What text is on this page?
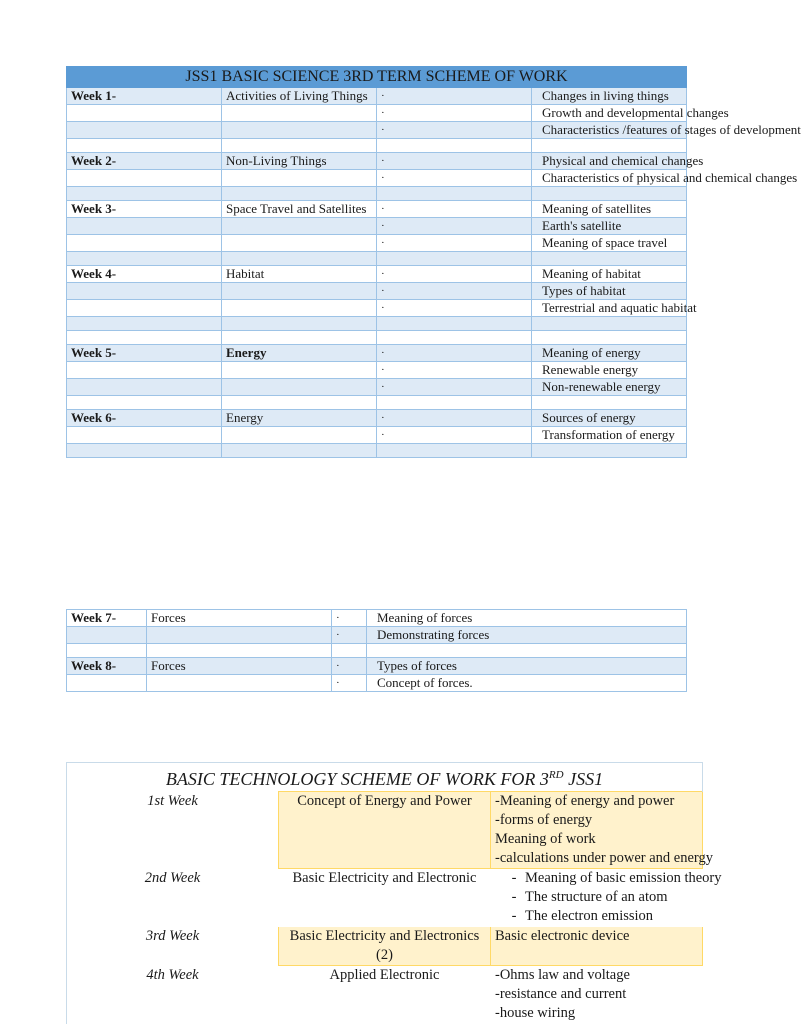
JSS1 BASIC SCIENCE 3RD TERM SCHEME OF WORK			
Week 1-	Activities of Living Things	·	Changes in living things
		·	Growth and developmental changes
		·	Characteristics /features of stages of development

Week 2-	Non-Living Things	·	Physical and chemical changes
		·	Characteristics of physical and chemical changes

Week 3-	Space Travel and Satellites	·	Meaning of satellites
		·	Earth's satellite
		·	Meaning of space travel

Week 4-	Habitat	·	Meaning of habitat
		·	Types of habitat
		·	Terrestrial and aquatic habitat

Week 5-	Energy	·	Meaning of energy
		·	Renewable energy
		·	Non-renewable energy

Week 6-	Energy	·	Sources of energy
		·	Transformation of energy

Week 7-	Forces	·	Meaning of forces
		·	Demonstrating forces

Week 8-	Forces	·	Types of forces
		·	Concept of forces.
BASIC TECHNOLOGY SCHEME OF WORK FOR 3RD JSS1		
1st Week	Concept of Energy and Power	-Meaning of energy and power
-forms of energy
Meaning of work
-calculations under power and energy

2nd Week	Basic Electricity and Electronic	- Meaning of basic emission theory
- The structure of an atom
- The electron emission

3rd Week	Basic Electricity and Electronics (2)	Basic electronic device

4th Week	Applied Electronic	-Ohms law and voltage
-resistance and current
-house wiring
